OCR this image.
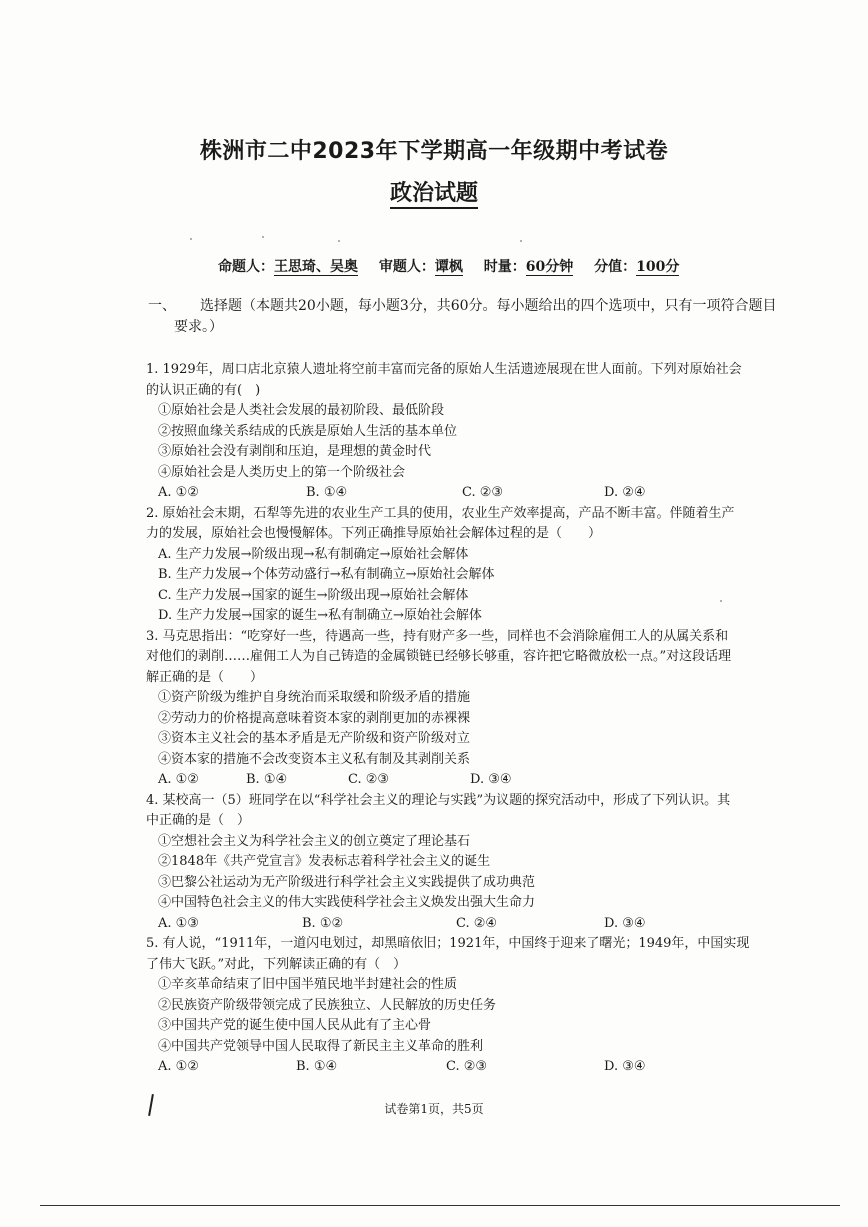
株洲市二中2023年下学期高一年级期中考试卷
政治试题
命题人：王思琦、吴奥 审题人：谭枫 时量：60分钟 分值：100分
一、 选择题（本题共20小题，每小题3分，共60分。每小题给出的四个选项中，只有一项符合题目
要求。）

1. 1929年，周口店北京猿人遗址将空前丰富而完备的原始人生活遗迹展现在世人面前。下列对原始社会

的认识正确的有(　)

①原始社会是人类社会发展的最初阶段、最低阶段

②按照血缘关系结成的氏族是原始人生活的基本单位

③原始社会没有剥削和压迫，是理想的黄金时代

④原始社会是人类历史上的第一个阶级社会

A. ①②	B. ①④	C. ②③	D. ②④

2. 原始社会末期，石犁等先进的农业生产工具的使用，农业生产效率提高，产品不断丰富。伴随着生产

力的发展，原始社会也慢慢解体。下列正确推导原始社会解体过程的是（　　）

A. 生产力发展→阶级出现→私有制确定→原始社会解体

B. 生产力发展→个体劳动盛行→私有制确立→原始社会解体

C. 生产力发展→国家的诞生→阶级出现→原始社会解体

D. 生产力发展→国家的诞生→私有制确立→原始社会解体

3. 马克思指出：“吃穿好一些，待遇高一些，持有财产多一些，同样也不会消除雇佣工人的从属关系和

对他们的剥削……雇佣工人为自己铸造的金属锁链已经够长够重，容许把它略微放松一点。”对这段话理

解正确的是（　　）

①资产阶级为维护自身统治而采取缓和阶级矛盾的措施

②劳动力的价格提高意味着资本家的剥削更加的赤裸裸

③资本主义社会的基本矛盾是无产阶级和资产阶级对立

④资本家的措施不会改变资本主义私有制及其剥削关系

A. ①②	B. ①④	C. ②③	D. ③④

4. 某校高一（5）班同学在以“科学社会主义的理论与实践”为议题的探究活动中，形成了下列认识。其

中正确的是（　）

①空想社会主义为科学社会主义的创立奠定了理论基石

②1848年《共产党宣言》发表标志着科学社会主义的诞生

③巴黎公社运动为无产阶级进行科学社会主义实践提供了成功典范

④中国特色社会主义的伟大实践使科学社会主义焕发出强大生命力

A. ①③	B. ①②	C. ②④	D. ③④

5. 有人说，“1911年，一道闪电划过，却黑暗依旧；1921年，中国终于迎来了曙光；1949年，中国实现

了伟大飞跃。”对此，下列解读正确的有（　）

①辛亥革命结束了旧中国半殖民地半封建社会的性质

②民族资产阶级带领完成了民族独立、人民解放的历史任务

③中国共产党的诞生使中国人民从此有了主心骨

④中国共产党领导中国人民取得了新民主主义革命的胜利

A. ①②	B. ①④	C. ②③	D. ③④
试卷第1页，共5页
